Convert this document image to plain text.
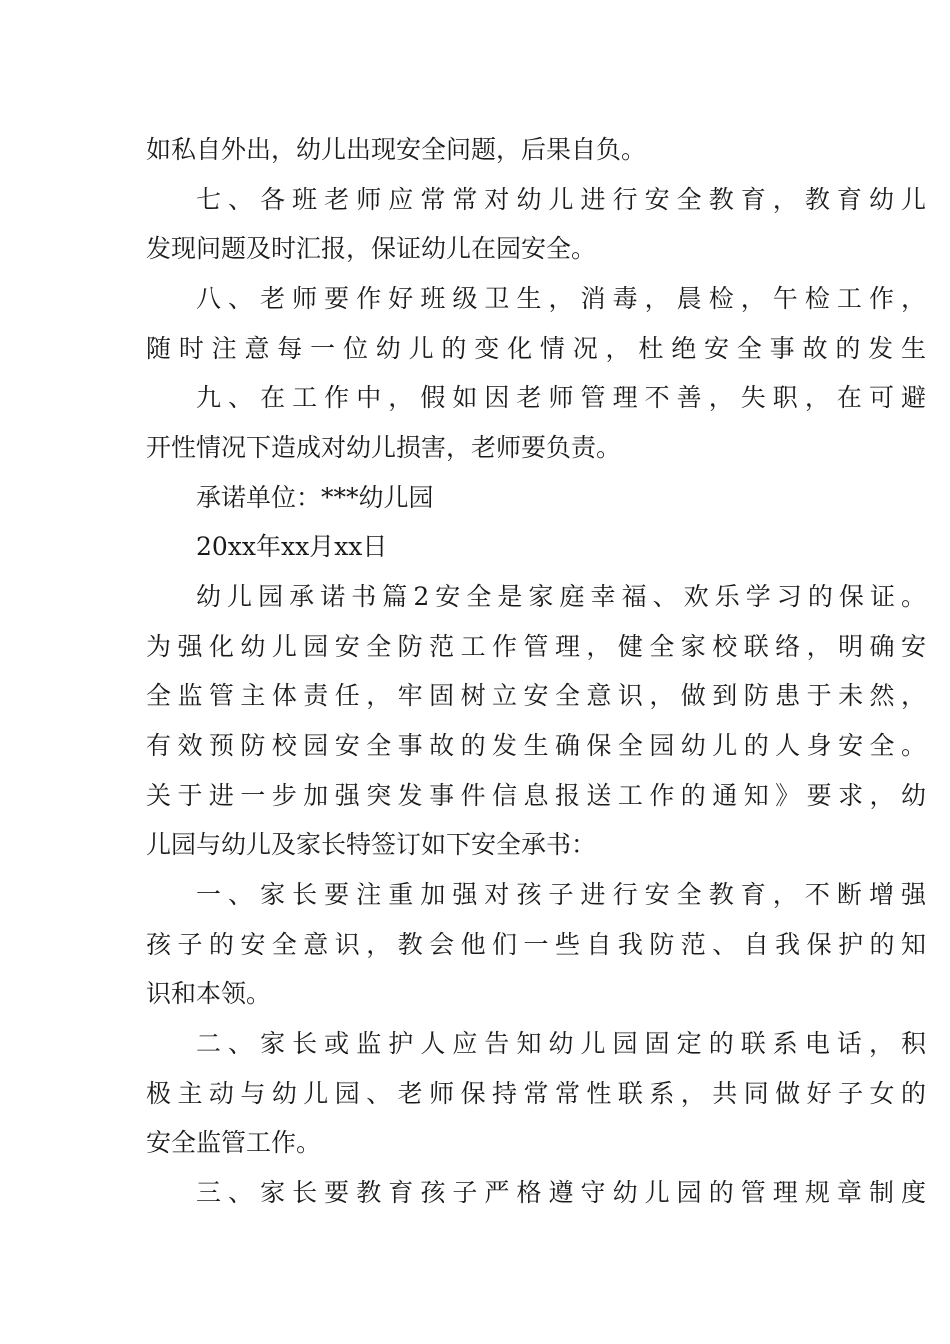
如私自外出，幼儿出现安全问题，后果自负。
七、各班老师应常常对幼儿进行安全教育，教育幼儿
发现问题及时汇报，保证幼儿在园安全。
八、老师要作好班级卫生，消毒，晨检，午检工作，
随时注意每一位幼儿的变化情况，杜绝安全事故的发生
九、在工作中，假如因老师管理不善，失职，在可避
开性情况下造成对幼儿损害，老师要负责。
承诺单位：***幼儿园
20xx年xx月xx日
幼儿园承诺书篇2安全是家庭幸福、欢乐学习的保证。
为强化幼儿园安全防范工作管理，健全家校联络，明确安
全监管主体责任，牢固树立安全意识，做到防患于未然，
有效预防校园安全事故的发生确保全园幼儿的人身安全。
关于进一步加强突发事件信息报送工作的通知》要求，幼
儿园与幼儿及家长特签订如下安全承书：
一、家长要注重加强对孩子进行安全教育，不断增强
孩子的安全意识，教会他们一些自我防范、自我保护的知
识和本领。
二、家长或监护人应告知幼儿园固定的联系电话，积
极主动与幼儿园、老师保持常常性联系，共同做好子女的
安全监管工作。
三、家长要教育孩子严格遵守幼儿园的管理规章制度
